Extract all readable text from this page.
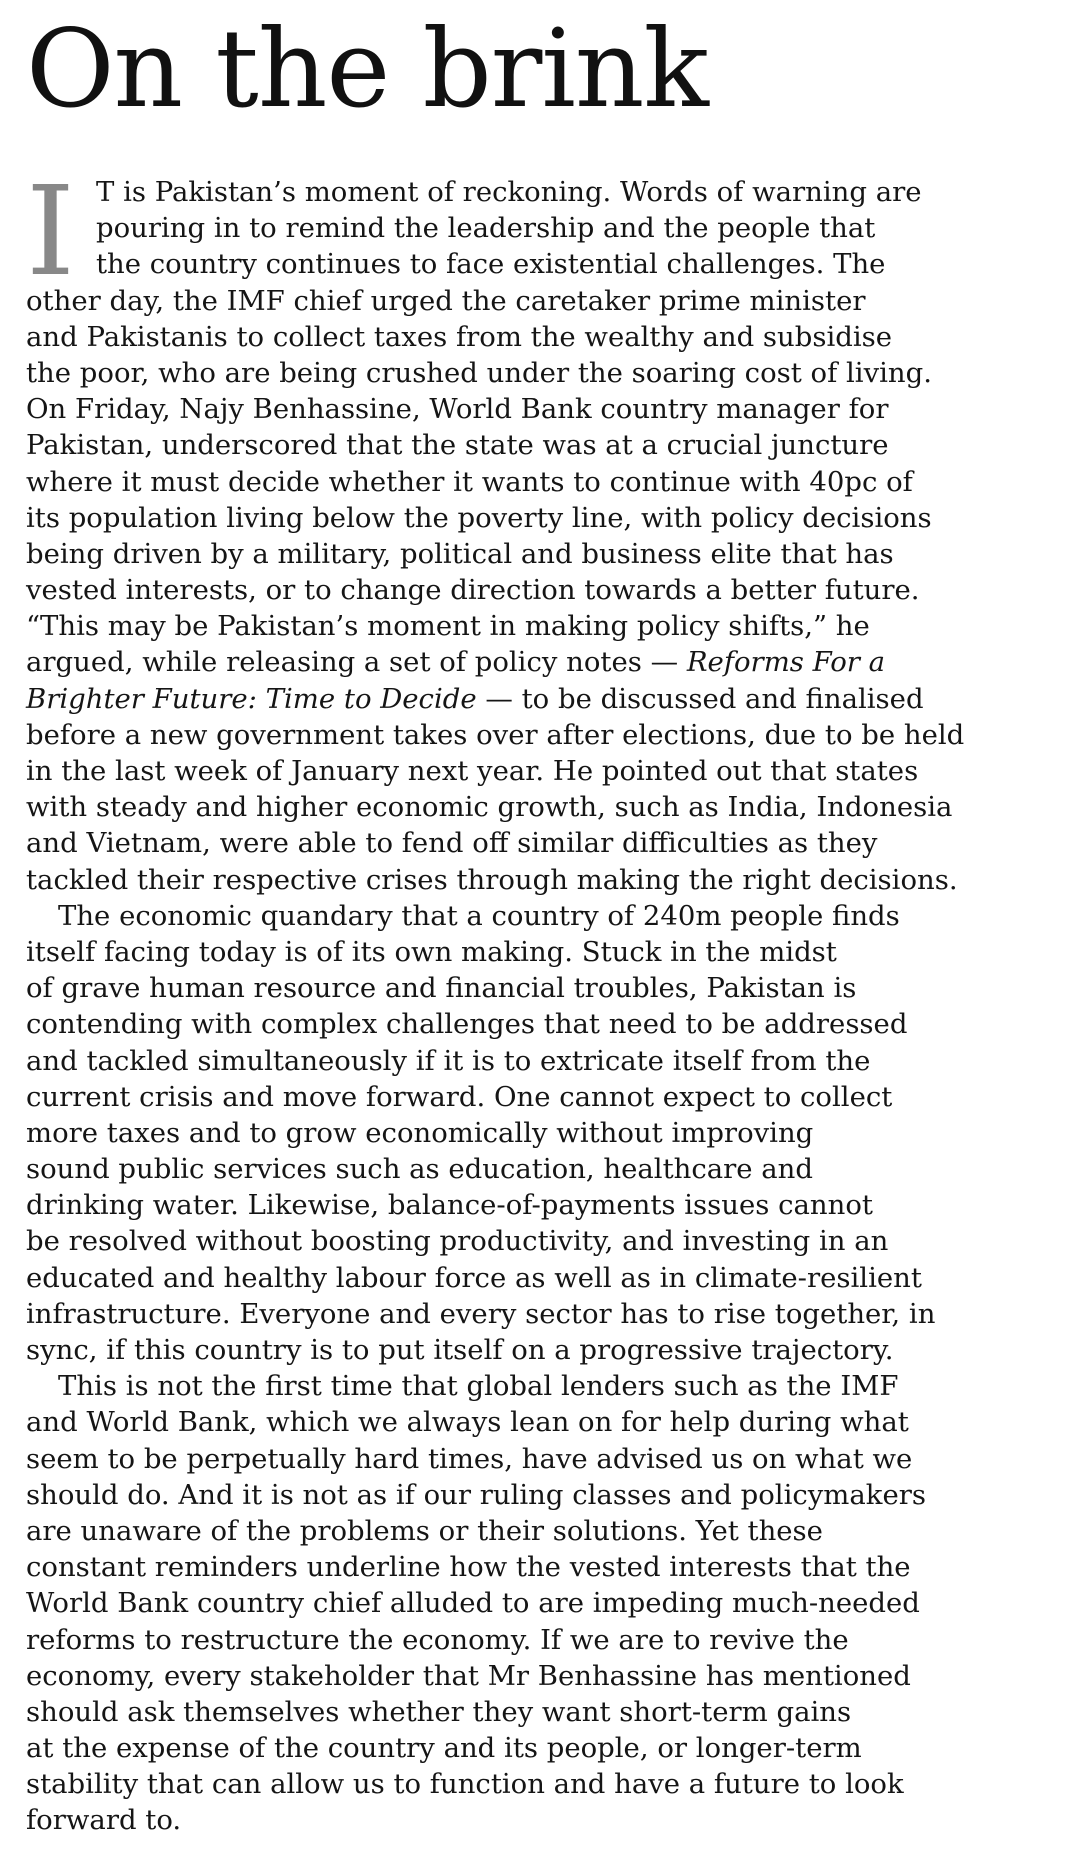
On the brink
I T is Pakistan’s moment of reckoning. Words of warning are
pouring in to remind the leadership and the people that
the country continues to face existential challenges. The
other day, the IMF chief urged the caretaker prime minister
and Pakistanis to collect taxes from the wealthy and subsidise
the poor, who are being crushed under the soaring cost of living.
On Friday, Najy Benhassine, World Bank country manager for
Pakistan, underscored that the state was at a crucial juncture
where it must decide whether it wants to continue with 40pc of
its population living below the poverty line, with policy decisions
being driven by a military, political and business elite that has
vested interests, or to change direction towards a better future.
“This may be Pakistan’s moment in making policy shifts,” he
argued, while releasing a set of policy notes — Reforms For a
Brighter Future: Time to Decide — to be discussed and finalised
before a new government takes over after elections, due to be held
in the last week of January next year. He pointed out that states
with steady and higher economic growth, such as India, Indonesia
and Vietnam, were able to fend off similar difficulties as they
tackled their respective crises through making the right decisions.
The economic quandary that a country of 240m people finds
itself facing today is of its own making. Stuck in the midst
of grave human resource and financial troubles, Pakistan is
contending with complex challenges that need to be addressed
and tackled simultaneously if it is to extricate itself from the
current crisis and move forward. One cannot expect to collect
more taxes and to grow economically without improving
sound public services such as education, healthcare and
drinking water. Likewise, balance-of-payments issues cannot
be resolved without boosting productivity, and investing in an
educated and healthy labour force as well as in climate-resilient
infrastructure. Everyone and every sector has to rise together, in
sync, if this country is to put itself on a progressive trajectory.
This is not the first time that global lenders such as the IMF
and World Bank, which we always lean on for help during what
seem to be perpetually hard times, have advised us on what we
should do. And it is not as if our ruling classes and policymakers
are unaware of the problems or their solutions. Yet these
constant reminders underline how the vested interests that the
World Bank country chief alluded to are impeding much-needed
reforms to restructure the economy. If we are to revive the
economy, every stakeholder that Mr Benhassine has mentioned
should ask themselves whether they want short-term gains
at the expense of the country and its people, or longer-term
stability that can allow us to function and have a future to look
forward to.
